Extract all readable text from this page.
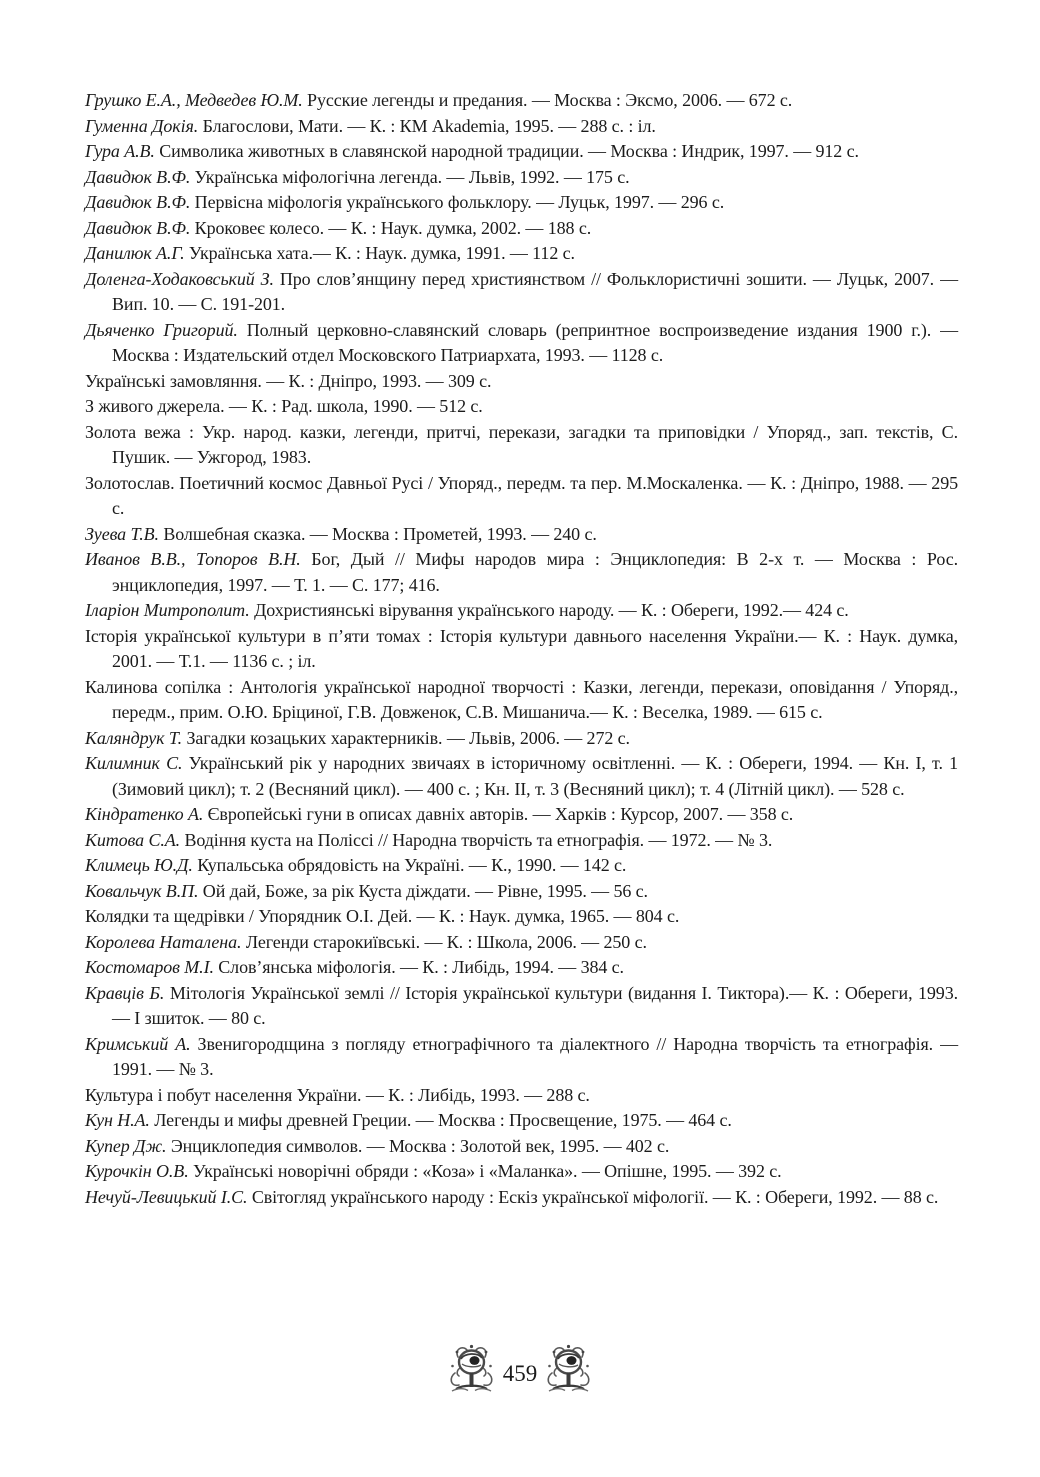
Грушко Е.А., Медведев Ю.М. Русские легенды и предания. — Москва : Эксмо, 2006. — 672 с.
Гуменна Докія. Благослови, Мати. — К. : КМ Akademia, 1995. — 288 с. : іл.
Гура А.В. Символика животных в славянской народной традиции. — Москва : Индрик, 1997. — 912 с.
Давидюк В.Ф. Українська міфологічна легенда. — Львів, 1992. — 175 с.
Давидюк В.Ф. Первісна міфологія українського фольклору. — Луцьк, 1997. — 296 с.
Давидюк В.Ф. Кроковеє колесо. — К. : Наук. думка, 2002. — 188 с.
Данилюк А.Г. Українська хата.— К. : Наук. думка, 1991. — 112 с.
Доленга-Ходаковський З. Про слов’янщину перед християнством // Фольклористичні зошити. — Луцьк, 2007. — Вип. 10. — С. 191-201.
Дьяченко Григорий. Полный церковно-славянский словарь (репринтное воспроизведение издания 1900 г.). — Москва : Издательский отдел Московского Патриархата, 1993. — 1128 с.
Українські замовляння. — К. : Дніпро, 1993. — 309 с.
З живого джерела. — К. : Рад. школа, 1990. — 512 с.
Золота вежа : Укр. народ. казки, легенди, притчі, перекази, загадки та приповідки / Упоряд., зап. текстів, С. Пушик. — Ужгород, 1983.
Золотослав. Поетичний космос Давньої Русі / Упоряд., передм. та пер. М.Москаленка. — К. : Дніпро, 1988. — 295 с.
Зуева Т.В. Волшебная сказка. — Москва : Прометей, 1993. — 240 с.
Иванов В.В., Топоров В.Н. Бог, Дый // Мифы народов мира : Энциклопедия: В 2-х т. — Москва : Рос. энциклопедия, 1997. — Т. 1. — С. 177; 416.
Іларіон Митрополит. Дохристиянські вірування українського народу. — К. : Обереги, 1992.— 424 с.
Історія української культури в п’яти томах : Історія культури давнього населення України.— К. : Наук. думка, 2001. — Т.1. — 1136 с. ; іл.
Калинова сопілка : Антологія української народної творчості : Казки, легенди, перекази, оповідання / Упоряд., передм., прим. О.Ю. Бріциної, Г.В. Довженок, С.В. Мишанича.— К. : Веселка, 1989. — 615 с.
Каляндрук Т. Загадки козацьких характерників. — Львів, 2006. — 272 с.
Килимник С. Український рік у народних звичаях в історичному освітленні. — К. : Обереги, 1994. — Кн. І, т. 1 (Зимовий цикл); т. 2 (Весняний цикл). — 400 с. ; Кн. ІІ, т. 3 (Весняний цикл); т. 4 (Літній цикл). — 528 с.
Кіндратенко А. Європейські гуни в описах давніх авторів. — Харків : Курсор, 2007. — 358 с.
Китова С.А. Водіння куста на Поліссі // Народна творчість та етнографія. — 1972. — № 3.
Климець Ю.Д. Купальська обрядовість на Україні. — К., 1990. — 142 с.
Ковальчук В.П. Ой дай, Боже, за рік Куста діждати. — Рівне, 1995. — 56 с.
Колядки та щедрівки / Упорядник О.І. Дей. — К. : Наук. думка, 1965. — 804 с.
Королева Наталена. Легенди старокиївські. — К. : Школа, 2006. — 250 с.
Костомаров М.І. Слов’янська міфологія. — К. : Либідь, 1994. — 384 с.
Кравців Б. Мітологія Української землі // Історія української культури (видання І. Тиктора).— К. : Обереги, 1993. — І зшиток. — 80 с.
Кримський А. Звенигородщина з погляду етнографічного та діалектного // Народна творчість та етнографія. — 1991. — № 3.
Культура і побут населення України. — К. : Либідь, 1993. — 288 с.
Кун Н.А. Легенды и мифы древней Греции. — Москва : Просвещение, 1975. — 464 с.
Купер Дж. Энциклопедия символов. — Москва : Золотой век, 1995. — 402 с.
Курочкін О.В. Українські новорічні обряди : «Коза» і «Маланка». — Опішне, 1995. — 392 с.
Нечуй-Левицький І.С. Світогляд українського народу : Ескіз української міфології. — К. : Обереги, 1992. — 88 с.
459
